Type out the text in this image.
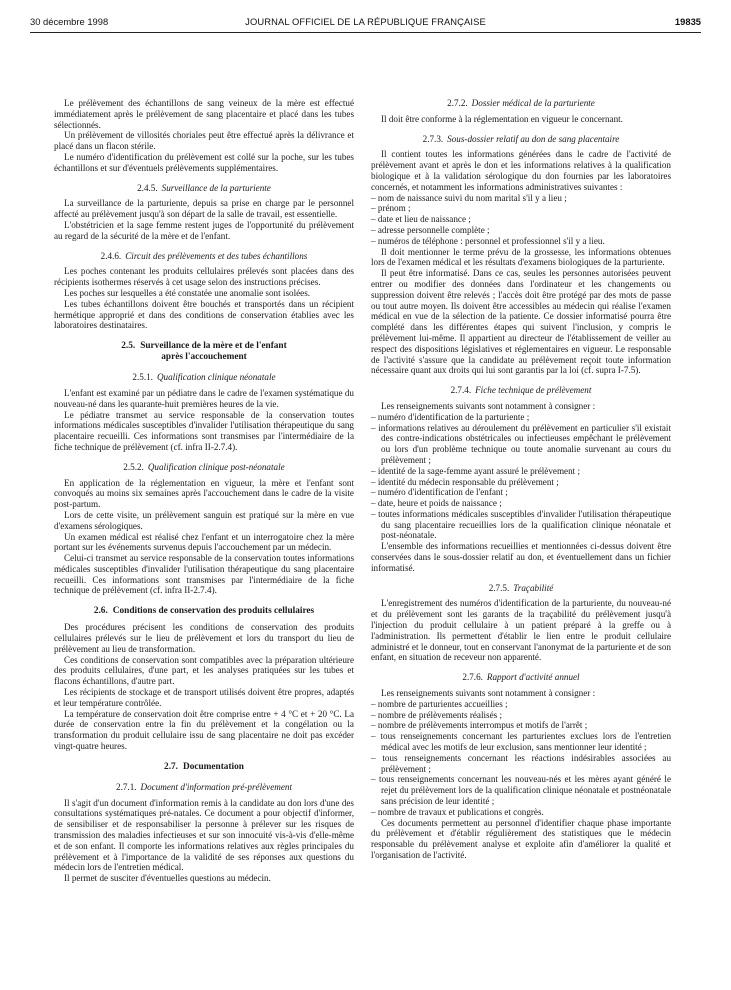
30 décembre 1998	JOURNAL OFFICIEL DE LA RÉPUBLIQUE FRANÇAISE	19835

Le prélèvement des échantillons de sang veineux de la mère est effectué immédiatement après le prélèvement de sang placentaire et placé dans les tubes sélectionnés.

Un prélèvement de villosités choriales peut être effectué après la délivrance et placé dans un flacon stérile.

Le numéro d'identification du prélèvement est collé sur la poche, sur les tubes échantillons et sur d'éventuels prélèvements supplémentaires.

2.4.5. Surveillance de la parturiente

La surveillance de la parturiente, depuis sa prise en charge par le personnel affecté au prélèvement jusqu'à son départ de la salle de travail, est essentielle.

L'obstétricien et la sage femme restent juges de l'opportunité du prélèvement au regard de la sécurité de la mère et de l'enfant.

2.4.6. Circuit des prélèvements et des tubes échantillons

Les poches contenant les produits cellulaires prélevés sont placées dans des récipients isothermes réservés à cet usage selon des instructions précises.

Les poches sur lesquelles a été constatée une anomalie sont isolées.

Les tubes échantillons doivent être bouchés et transportés dans un récipient hermétique approprié et dans des conditions de conservation établies avec les laboratoires destinataires.

2.5. Surveillance de la mère et de l'enfant
après l'accouchement
2.5.1. Qualification clinique néonatale

L'enfant est examiné par un pédiatre dans le cadre de l'examen systématique du nouveau-né dans les quarante-huit premières heures de la vie.

Le pédiatre transmet au service responsable de la conservation toutes informations médicales susceptibles d'invalider l'utilisation thérapeutique du sang placentaire recueilli. Ces informations sont transmises par l'intermédiaire de la fiche technique de prélèvement (cf. infra II-2.7.4).

2.5.2. Qualification clinique post-néonatale

En application de la réglementation en vigueur, la mère et l'enfant sont convoqués au moins six semaines après l'accouchement dans le cadre de la visite post-partum.

Lors de cette visite, un prélèvement sanguin est pratiqué sur la mère en vue d'examens sérologiques.

Un examen médical est réalisé chez l'enfant et un interrogatoire chez la mère portant sur les événements survenus depuis l'accouchement par un médecin.

Celui-ci transmet au service responsable de la conservation toutes informations médicales susceptibles d'invalider l'utilisation thérapeutique du sang placentaire recueilli. Ces informations sont transmises par l'intermédiaire de la fiche technique de prélèvement (cf. infra II-2.7.4).

2.6. Conditions de conservation des produits cellulaires

Des procédures précisent les conditions de conservation des produits cellulaires prélevés sur le lieu de prélèvement et lors du transport du lieu de prélèvement au lieu de transformation.

Ces conditions de conservation sont compatibles avec la préparation ultérieure des produits cellulaires, d'une part, et les analyses pratiquées sur les tubes et flacons échantillons, d'autre part.

Les récipients de stockage et de transport utilisés doivent être propres, adaptés et leur température contrôlée.

La température de conservation doit être comprise entre + 4 °C et + 20 °C. La durée de conservation entre la fin du prélèvement et la congélation ou la transformation du produit cellulaire issu de sang placentaire ne doit pas excéder vingt-quatre heures.

2.7. Documentation
2.7.1. Document d'information pré-prélèvement

Il s'agit d'un document d'information remis à la candidate au don lors d'une des consultations systématiques pré-natales. Ce document a pour objectif d'informer, de sensibiliser et de responsabiliser la personne à prélever sur les risques de transmission des maladies infectieuses et sur son innocuité vis-à-vis d'elle-même et de son enfant. Il comporte les informations relatives aux règles principales du prélèvement et à l'importance de la validité de ses réponses aux questions du médecin lors de l'entretien médical.

Il permet de susciter d'éventuelles questions au médecin.

2.7.2. Dossier médical de la parturiente

Il doit être conforme à la réglementation en vigueur le concernant.

2.7.3. Sous-dossier relatif au don de sang placentaire

Il contient toutes les informations générées dans le cadre de l'activité de prélèvement avant et après le don et les informations relatives à la qualification biologique et à la validation sérologique du don fournies par les laboratoires concernés, et notamment les informations administratives suivantes :

– nom de naissance suivi du nom marital s'il y a lieu ;
– prénom ;
– date et lieu de naissance ;
– adresse personnelle complète ;
– numéros de téléphone : personnel et professionnel s'il y a lieu.

Il doit mentionner le terme prévu de la grossesse, les informations obtenues lors de l'examen médical et les résultats d'examens biologiques de la parturiente.

Il peut être informatisé. Dans ce cas, seules les personnes autorisées peuvent entrer ou modifier des données dans l'ordinateur et les changements ou suppression doivent être relevés ; l'accès doit être protégé par des mots de passe ou tout autre moyen. Ils doivent être accessibles au médecin qui réalise l'examen médical en vue de la sélection de la patiente. Ce dossier informatisé pourra être complété dans les différentes étapes qui suivent l'inclusion, y compris le prélèvement lui-même. Il appartient au directeur de l'établissement de veiller au respect des dispositions législatives et réglementaires en vigueur. Le responsable de l'activité s'assure que la candidate au prélèvement reçoit toute information nécessaire quant aux droits qui lui sont garantis par la loi (cf. supra I-7.5).

2.7.4. Fiche technique de prélèvement

Les renseignements suivants sont notamment à consigner :

– numéro d'identification de la parturiente ;
– informations relatives au déroulement du prélèvement en particulier s'il existait des contre-indications obstétricales ou infectieuses empêchant le prélèvement ou lors d'un problème technique ou toute anomalie survenant au cours du prélèvement ;
– identité de la sage-femme ayant assuré le prélèvement ;
– identité du médecin responsable du prélèvement ;
– numéro d'identification de l'enfant ;
– date, heure et poids de naissance ;
– toutes informations médicales susceptibles d'invalider l'utilisation thérapeutique du sang placentaire recueillies lors de la qualification clinique néonatale et post-néonatale.

L'ensemble des informations recueillies et mentionnées ci-dessus doivent être conservées dans le sous-dossier relatif au don, et éventuellement dans un fichier informatisé.

2.7.5. Traçabilité

L'enregistrement des numéros d'identification de la parturiente, du nouveau-né et du prélèvement sont les garants de la traçabilité du prélèvement jusqu'à l'injection du produit cellulaire à un patient préparé à la greffe ou à l'administration. Ils permettent d'établir le lien entre le produit cellulaire administré et le donneur, tout en conservant l'anonymat de la parturiente et de son enfant, en situation de receveur non apparenté.

2.7.6. Rapport d'activité annuel

Les renseignements suivants sont notamment à consigner :

– nombre de parturientes accueillies ;
– nombre de prélèvements réalisés ;
– nombre de prélèvements interrompus et motifs de l'arrêt ;
– tous renseignements concernant les parturientes exclues lors de l'entretien médical avec les motifs de leur exclusion, sans mentionner leur identité ;
– tous renseignements concernant les réactions indésirables associées au prélèvement ;
– tous renseignements concernant les nouveau-nés et les mères ayant généré le rejet du prélèvement lors de la qualification clinique néonatale et postnéonatale sans précision de leur identité ;
– nombre de travaux et publications et congrès.

Ces documents permettent au personnel d'identifier chaque phase importante du prélèvement et d'établir régulièrement des statistiques que le médecin responsable du prélèvement analyse et exploite afin d'améliorer la qualité et l'organisation de l'activité.
